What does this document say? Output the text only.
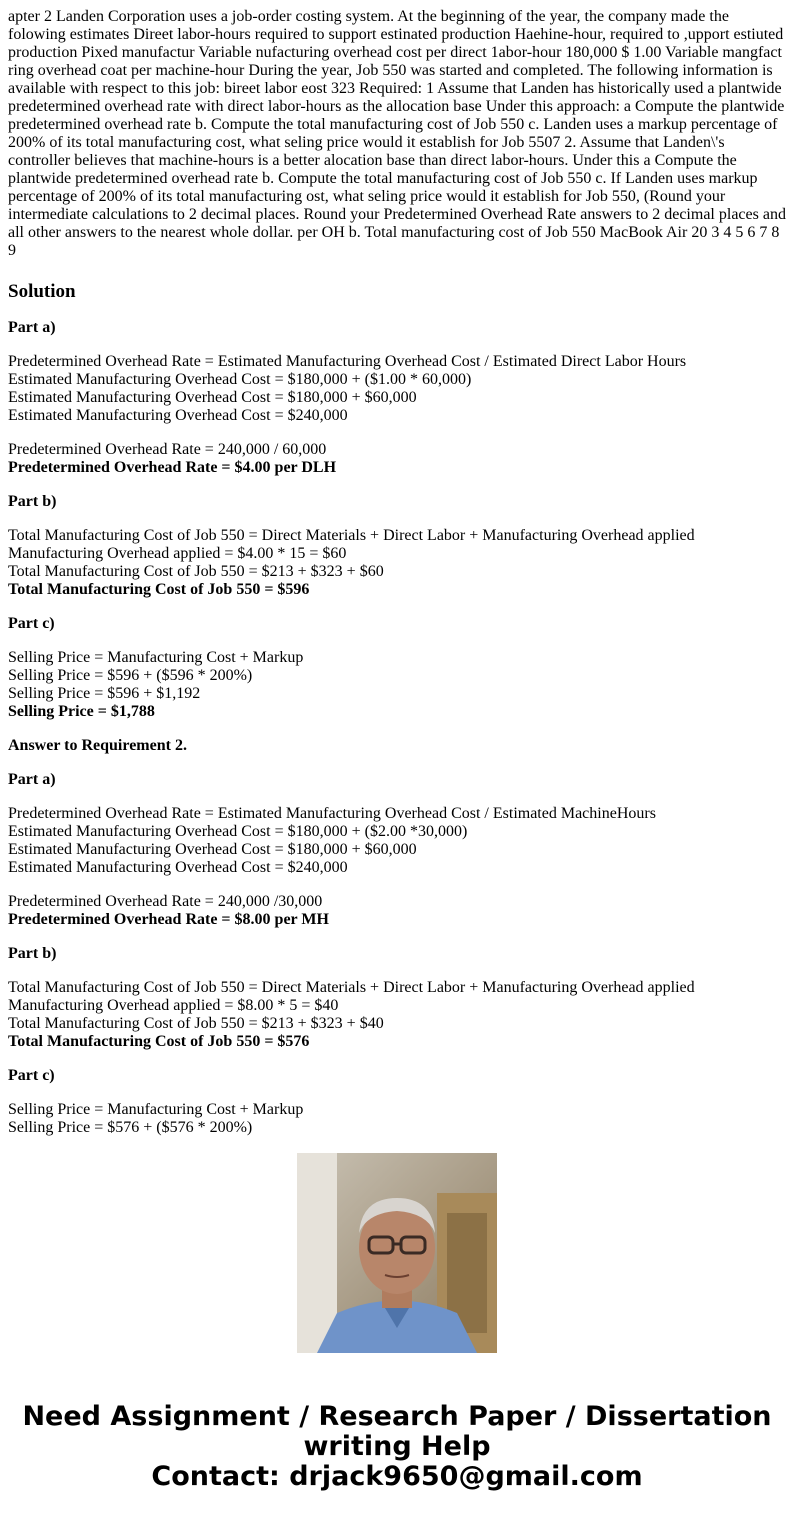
apter 2 Landen Corporation uses a job-order costing system. At the beginning of the year, the company made the folowing estimates Direet labor-hours required to support estinated production Haehine-hour, required to ,upport estiuted production Pixed manufactur Variable nufacturing overhead cost per direct 1abor-hour 180,000 $ 1.00 Variable mangfact ring overhead coat per machine-hour During the year, Job 550 was started and completed. The following information is available with respect to this job: bireet labor eost 323 Required: 1 Assume that Landen has historically used a plantwide predetermined overhead rate with direct labor-hours as the allocation base Under this approach: a Compute the plantwide predetermined overhead rate b. Compute the total manufacturing cost of Job 550 c. Landen uses a markup percentage of 200% of its total manufacturing cost, what seling price would it establish for Job 5507 2. Assume that Landen\'s controller believes that machine-hours is a better alocation base than direct labor-hours. Under this a Compute the plantwide predetermined overhead rate b. Compute the total manufacturing cost of Job 550 c. If Landen uses markup percentage of 200% of its total manufacturing ost, what seling price would it establish for Job 550, (Round your intermediate calculations to 2 decimal places. Round your Predetermined Overhead Rate answers to 2 decimal places and all other answers to the nearest whole dollar. per OH b. Total manufacturing cost of Job 550 MacBook Air 20 3 4 5 6 7 8 9

Solution
Part a)
Predetermined Overhead Rate = Estimated Manufacturing Overhead Cost / Estimated Direct Labor Hours
Estimated Manufacturing Overhead Cost = $180,000 + ($1.00 * 60,000)
Estimated Manufacturing Overhead Cost = $180,000 + $60,000
Estimated Manufacturing Overhead Cost = $240,000
Predetermined Overhead Rate = 240,000 / 60,000
Predetermined Overhead Rate = $4.00 per DLH
Part b)
Total Manufacturing Cost of Job 550 = Direct Materials + Direct Labor + Manufacturing Overhead applied
Manufacturing Overhead applied = $4.00 * 15 = $60
Total Manufacturing Cost of Job 550 = $213 + $323 + $60
Total Manufacturing Cost of Job 550 = $596
Part c)
Selling Price = Manufacturing Cost + Markup
Selling Price = $596 + ($596 * 200%)
Selling Price = $596 + $1,192
Selling Price = $1,788
Answer to Requirement 2.
Part a)
Predetermined Overhead Rate = Estimated Manufacturing Overhead Cost / Estimated MachineHours
Estimated Manufacturing Overhead Cost = $180,000 + ($2.00 *30,000)
Estimated Manufacturing Overhead Cost = $180,000 + $60,000
Estimated Manufacturing Overhead Cost = $240,000
Predetermined Overhead Rate = 240,000 /30,000
Predetermined Overhead Rate = $8.00 per MH
Part b)
Total Manufacturing Cost of Job 550 = Direct Materials + Direct Labor + Manufacturing Overhead applied
Manufacturing Overhead applied = $8.00 * 5 = $40
Total Manufacturing Cost of Job 550 = $213 + $323 + $40
Total Manufacturing Cost of Job 550 = $576
Part c)
Selling Price = Manufacturing Cost + Markup
Selling Price = $576 + ($576 * 200%)
Need Assignment / Research Paper / Dissertation
writing Help
Contact: drjack9650@gmail.com
